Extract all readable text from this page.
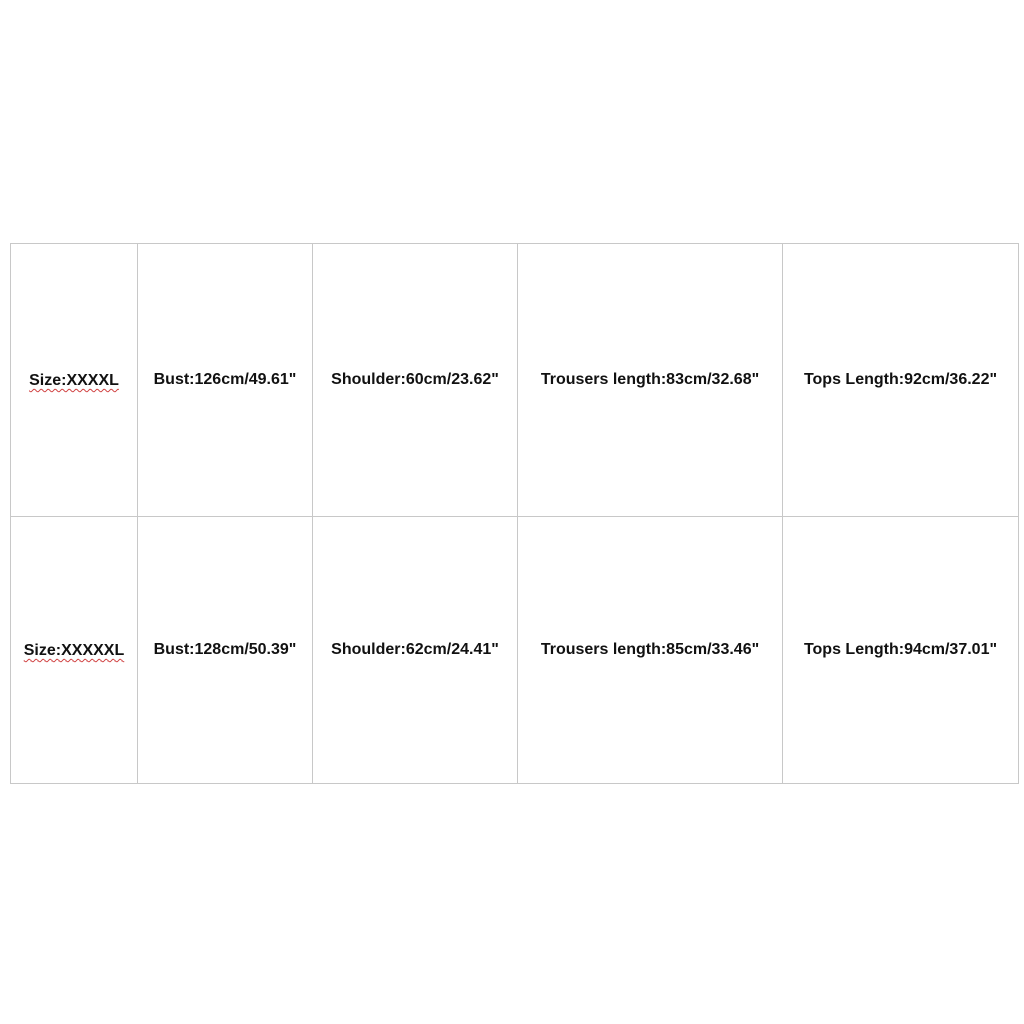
Size:XXXXL	Bust:126cm/49.61"	Shoulder:60cm/23.62"	Trousers length:83cm/32.68"	Tops Length:92cm/36.22"
Size:XXXXXL	Bust:128cm/50.39"	Shoulder:62cm/24.41"	Trousers length:85cm/33.46"	Tops Length:94cm/37.01"
